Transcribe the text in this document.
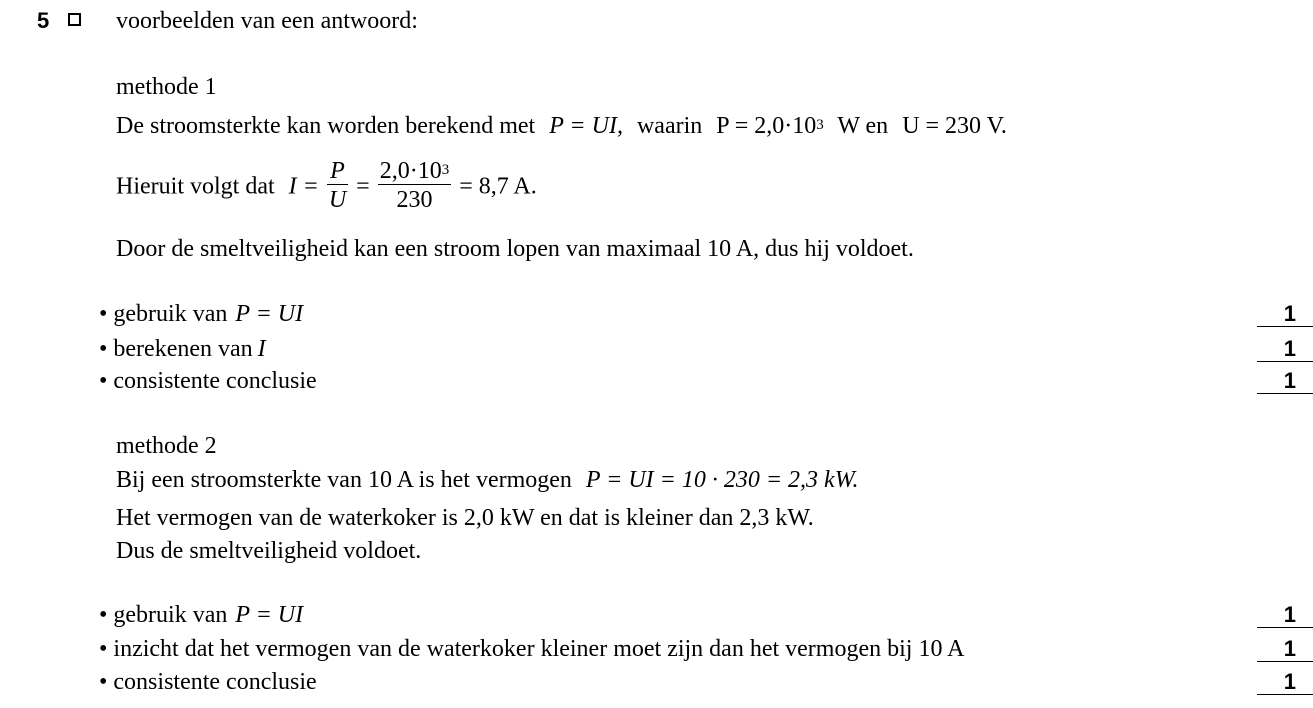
5	voorbeelden van een antwoord:
methode 1
De stroomsterkte kan worden berekend met P = UI, waarin $P = 2,0\cdot 10^3$ W en U = 230 V.
Hieruit volgt dat $I = \frac{P}{U} = \frac{2,0\cdot 10^3}{230} = 8,7$ A.
Door de smeltveiligheid kan een stroom lopen van maximaal 10 A, dus hij voldoet.
• gebruik van P = UI	1
• berekenen van I	1
• consistente conclusie	1
methode 2
Bij een stroomsterkte van 10 A is het vermogen P = UI = 10 · 230 = 2,3 kW.
Het vermogen van de waterkoker is 2,0 kW en dat is kleiner dan 2,3 kW.
Dus de smeltveiligheid voldoet.
• gebruik van P = UI	1
• inzicht dat het vermogen van de waterkoker kleiner moet zijn dan het vermogen bij 10 A	1
• consistente conclusie	1
